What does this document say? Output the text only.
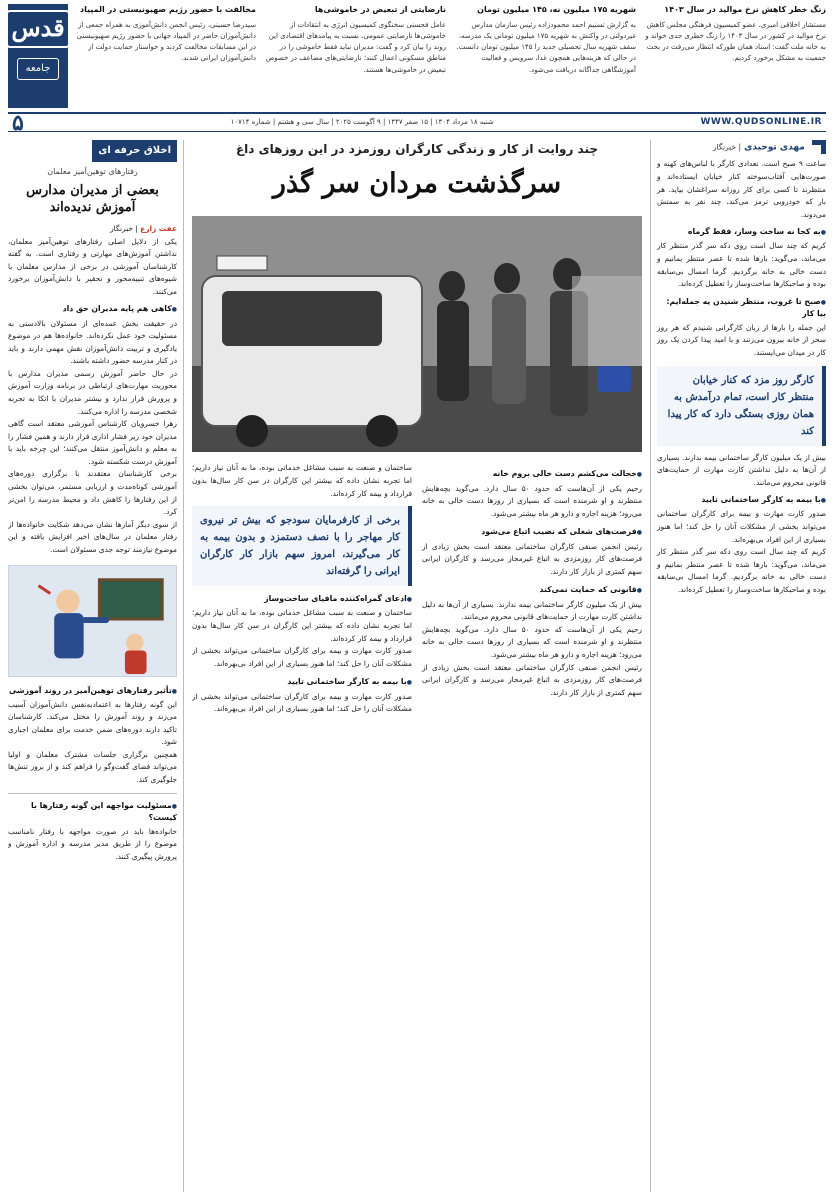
قدس
جامعه
زنگ خطر کاهش نرخ موالید در سال ۱۴۰۳

مستشار اخلاقی امیری، عضو کمیسیون فرهنگی مجلس کاهش نرخ موالید در کشور در سال ۱۴۰۳ را زنگ خطری جدی خواند و به خانه ملت گفت: اسناد همان طورکه انتظار می‌رفت در بحث جمعیت به مشکل برخورد کردیم.

شهریه ۱۷۵ میلیون نه، ۱۴۵ میلیون تومان

به گزارش تسنیم احمد محمودزاده رئیس سازمان مدارس غیردولتی در واکنش به شهریه ۱۷۵ میلیون تومانی یک مدرسه، سقف شهریه سال تحصیلی جدید را ۱۴۵ میلیون تومان دانست. در حالی که هزینه‌هایی همچون غذا، سرویس و فعالیت آموزشگاهی جداگانه دریافت می‌شود.

نارضایتی از تبعیض در خاموشی‌ها

عامل فحسنی سخنگوی کمیسیون انرژی به انتقادات از خاموشی‌ها نارضایتی عمومی، نسبت به پیامدهای اقتصادی این روند را بیان کرد و گفت: مدیران نباید فقط خاموشی را در مناطق مسکونی اعمال کنند؛ نارضایتی‌های مضاعف در خصوص تبعیض در خاموشی‌ها هستند.

مخالفت با حضور رژیم صهیونیستی در المپیاد

سیدرضا حسینی، رئیس انجمن دانش‌آموزی به همراه جمعی از دانش‌آموزان حاضر در المپیاد جهانی با حضور رژیم صهیونیستی در این مسابقات مخالفت کردند و خواستار حمایت دولت از دانش‌آموزان ایرانی شدند.

WWW.QUDSONLINE.IR
شنبه ۱۸ مرداد ۱۴۰۴ | ۱۵ صفر ۱۴۴۷ | ۹ آگوست ۲۰۲۵ | سال سی و هشتم | شماره ۱۰۷۱۴
۵
مهدی توحیدی | خبرنگار

ساعت ۹ صبح است. تعدادی کارگر با لباس‌های کهنه و صورت‌هایی آفتاب‌سوخته کنار خیابان ایستاده‌اند و منتظرند تا کسی برای کار روزانه سراغشان بیاید. هر بار که خودرویی ترمز می‌کند، چند نفر به سمتش می‌دوند.

● به کجا نه ساخت وساز، فقط گرماه

کریم که چند سال است روی دکه سر گذر منتظر کار می‌ماند، می‌گوید: بارها شده تا عصر منتظر بمانیم و دست خالی به خانه برگردیم. گرما امسال بی‌سابقه بوده و صاحبکارها ساخت‌وساز را تعطیل کرده‌اند.

● صبح تا غروب، منتظر شنیدن یه جمله‌ایم: بیا کار

این جمله را بارها از زبان کارگرانی شنیدم که هر روز سحر از خانه بیرون می‌زنند و با امید پیدا کردن یک روز کار در میدان می‌ایستند.

کارگر روز مزد که کنار خیابان منتظر کار است، تمام درآمدش به همان روزی بستگی دارد که کار پیدا کند

بیش از یک میلیون کارگر ساختمانی بیمه ندارند. بسیاری از آن‌ها به دلیل نداشتن کارت مهارت از حمایت‌های قانونی محروم می‌مانند.

● با بیمه به کارگر ساختمانی تایید

صدور کارت مهارت و بیمه برای کارگران ساختمانی می‌تواند بخشی از مشکلات آنان را حل کند؛ اما هنوز بسیاری از این افراد بی‌بهره‌اند.

کریم که چند سال است روی دکه سر گذر منتظر کار می‌ماند، می‌گوید: بارها شده تا عصر منتظر بمانیم و دست خالی به خانه برگردیم. گرما امسال بی‌سابقه بوده و صاحبکارها ساخت‌وساز را تعطیل کرده‌اند.

چند روایت از کار و زندگی کارگران روزمزد در این روزهای داغ
سرگذشت مردان سر گذر

● خجالت می‌کشم دست خالی بروم خانه

رحیم یکی از آن‌هاست که حدود ۵۰ سال دارد. می‌گوید بچه‌هایش منتظرند و او شرمنده است که بسیاری از روزها دست خالی به خانه می‌رود؛ هزینه اجاره و دارو هر ماه بیشتر می‌شود.

● فرصت‌های شغلی که نصیب اتباع می‌شود

رئیس انجمن صنفی کارگران ساختمانی معتقد است بخش زیادی از فرصت‌های کار روزمزدی به اتباع غیرمجاز می‌رسد و کارگران ایرانی سهم کمتری از بازار کار دارند.

● قانونی که حمایت نمی‌کند

بیش از یک میلیون کارگر ساختمانی بیمه ندارند. بسیاری از آن‌ها به دلیل نداشتن کارت مهارت از حمایت‌های قانونی محروم می‌مانند.

رحیم یکی از آن‌هاست که حدود ۵۰ سال دارد. می‌گوید بچه‌هایش منتظرند و او شرمنده است که بسیاری از روزها دست خالی به خانه می‌رود؛ هزینه اجاره و دارو هر ماه بیشتر می‌شود.

رئیس انجمن صنفی کارگران ساختمانی معتقد است بخش زیادی از فرصت‌های کار روزمزدی به اتباع غیرمجاز می‌رسد و کارگران ایرانی سهم کمتری از بازار کار دارند.

ساختمان و صنعت به سبب مشاغل خدماتی بوده، ما به آنان نیاز داریم؛ اما تجربه نشان داده که بیشتر این کارگران در سن کار سال‌ها بدون قرارداد و بیمه کار کرده‌اند.

برخی از کارفرمایان سودجو که بیش تر نیروی کار مهاجر را با نصف دستمزد و بدون بیمه به کار می‌گیرند، امروز سهم بازار کار کارگران ایرانی را گرفته‌اند

● ادعای گمراه‌کننده مافیای ساخت‌وساز

ساختمان و صنعت به سبب مشاغل خدماتی بوده، ما به آنان نیاز داریم؛ اما تجربه نشان داده که بیشتر این کارگران در سن کار سال‌ها بدون قرارداد و بیمه کار کرده‌اند.

صدور کارت مهارت و بیمه برای کارگران ساختمانی می‌تواند بخشی از مشکلات آنان را حل کند؛ اما هنوز بسیاری از این افراد بی‌بهره‌اند.

● با بیمه به کارگر ساختمانی تایید

صدور کارت مهارت و بیمه برای کارگران ساختمانی می‌تواند بخشی از مشکلات آنان را حل کند؛ اما هنوز بسیاری از این افراد بی‌بهره‌اند.

اخلاق حرفه ای
رفتارهای توهین‌آمیز معلمان
بعضی از مدیران مدارس آموزش ندیده‌اند

عفت زارع | خبرنگار

یکی از دلایل اصلی رفتارهای توهین‌آمیز معلمان، نداشتن آموزش‌های مهارتی و رفتاری است. به گفته کارشناسان آموزشی در برخی از مدارس معلمان با شیوه‌های تنبیه‌محور و تحقیر با دانش‌آموزان برخورد می‌کنند.

● کاهی هم پایه مدیران حق داد

در حقیقت بخش عمده‌ای از مسئولان بالادستی به مسئولیت خود عمل نکرده‌اند. خانواده‌ها هم در موضوع یادگیری و تربیت دانش‌آموزان نقش مهمی دارند و باید در کنار مدرسه حضور داشته باشند.

در حال حاضر آموزش رسمی مدیران مدارس با محوریت مهارت‌های ارتباطی در برنامه وزارت آموزش و پرورش قرار ندارد و بیشتر مدیران با اتکا به تجربه شخصی مدرسه را اداره می‌کنند.

زهرا خسرویان کارشناس آموزشی معتقد است گاهی مدیران خود زیر فشار اداری قرار دارند و همین فشار را به معلم و دانش‌آموز منتقل می‌کنند؛ این چرخه باید با آموزش درست شکسته شود.

برخی کارشناسان معتقدند با برگزاری دوره‌های آموزشی کوتاه‌مدت و ارزیابی مستمر، می‌توان بخشی از این رفتارها را کاهش داد و محیط مدرسه را امن‌تر کرد.

از سوی دیگر آمارها نشان می‌دهد شکایت خانواده‌ها از رفتار معلمان در سال‌های اخیر افزایش یافته و این موضوع نیازمند توجه جدی مسئولان است.

● تأثیر رفتارهای توهین‌آمیز در روند آموزشی

این گونه رفتارها به اعتمادبه‌نفس دانش‌آموزان آسیب می‌زند و روند آموزش را مختل می‌کند. کارشناسان تاکید دارند دوره‌های ضمن خدمت برای معلمان اجباری شود.

همچنین برگزاری جلسات مشترک معلمان و اولیا می‌تواند فضای گفت‌وگو را فراهم کند و از بروز تنش‌ها جلوگیری کند.

● مسئولیت مواجهه این گونه رفتارها با کیست؟

خانواده‌ها باید در صورت مواجهه با رفتار نامناسب موضوع را از طریق مدیر مدرسه و اداره آموزش و پرورش پیگیری کنند.
